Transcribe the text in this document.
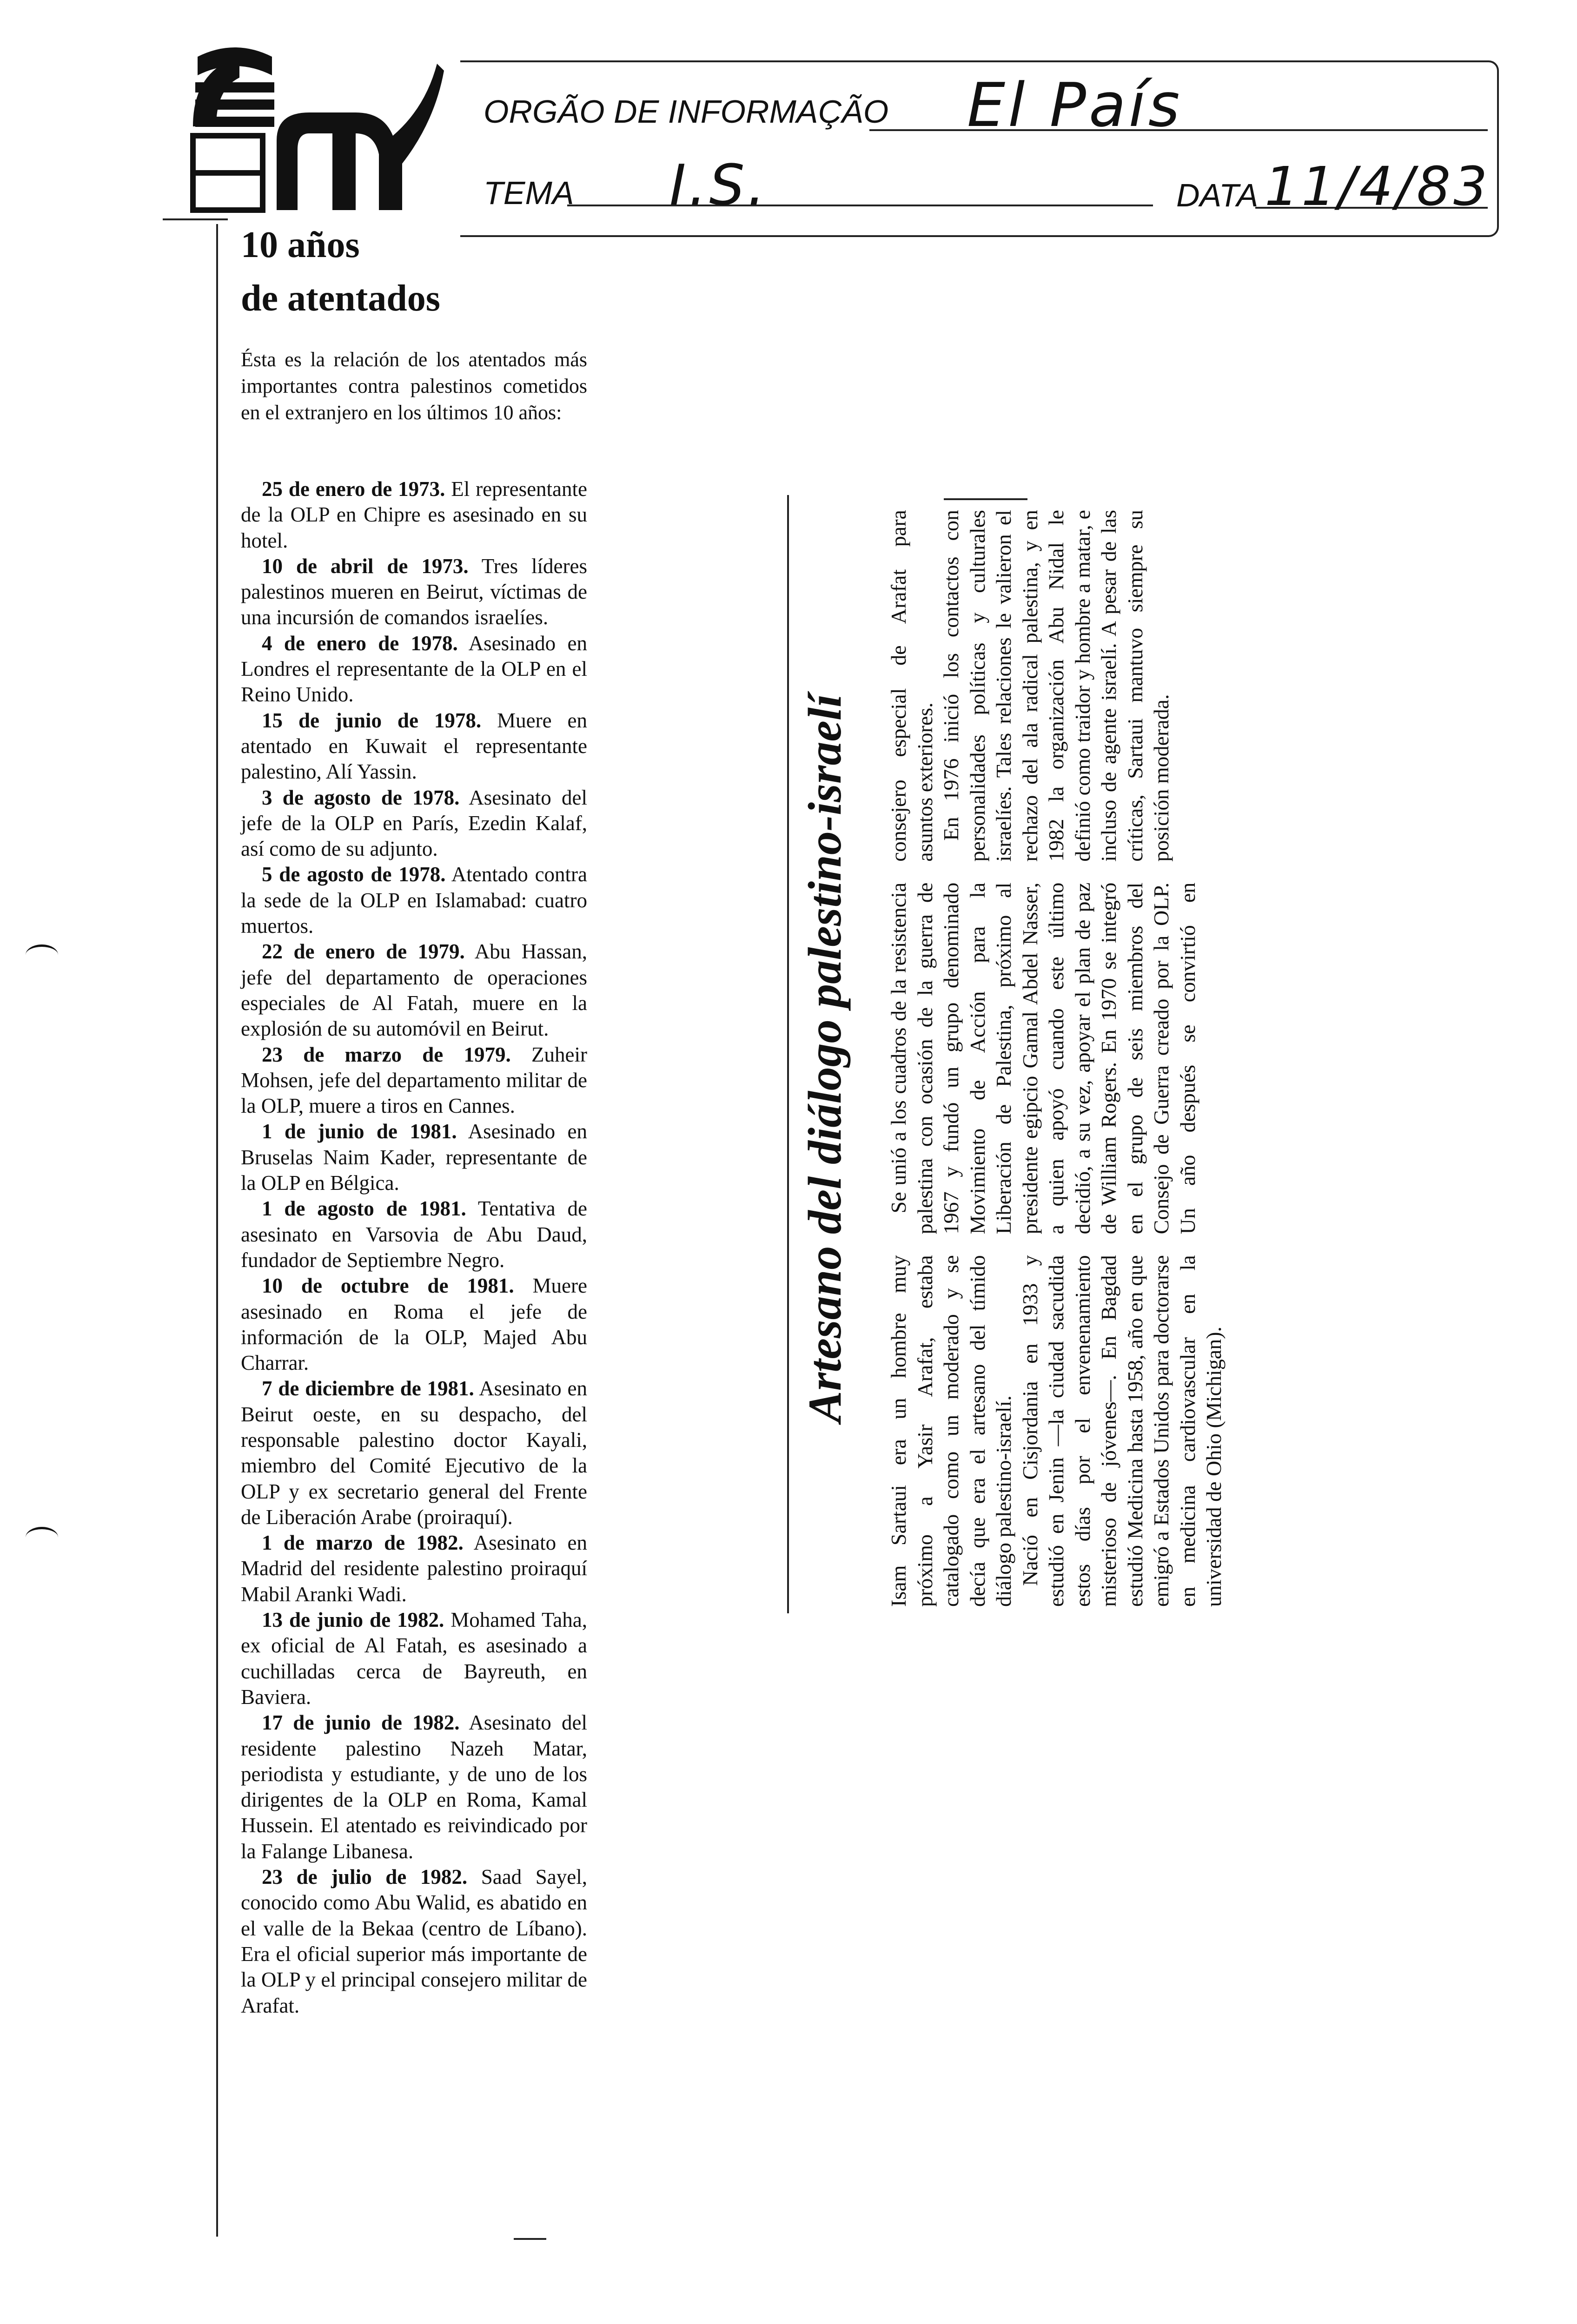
ORGÃO DE INFORMAÇÃO El País
TEMA I.S.	DATA 11/4/83
10 años
de atentados

Ésta es la relación de los atentados más importantes contra palestinos cometidos en el extranjero en los últimos 10 años:

25 de enero de 1973. El representante de la OLP en Chipre es asesinado en su hotel.

10 de abril de 1973. Tres líderes palestinos mueren en Beirut, víctimas de una incursión de comandos israelíes.

4 de enero de 1978. Asesinado en Londres el representante de la OLP en el Reino Unido.

15 de junio de 1978. Muere en atentado en Kuwait el representante palestino, Alí Yassin.

3 de agosto de 1978. Asesinato del jefe de la OLP en París, Ezedin Kalaf, así como de su adjunto.

5 de agosto de 1978. Atentado contra la sede de la OLP en Islamabad: cuatro muertos.

22 de enero de 1979. Abu Hassan, jefe del departamento de operaciones especiales de Al Fatah, muere en la explosión de su automóvil en Beirut.

23 de marzo de 1979. Zuheir Mohsen, jefe del departamento militar de la OLP, muere a tiros en Cannes.

1 de junio de 1981. Asesinado en Bruselas Naim Kader, representante de la OLP en Bélgica.

1 de agosto de 1981. Tentativa de asesinato en Varsovia de Abu Daud, fundador de Septiembre Negro.

10 de octubre de 1981. Muere asesinado en Roma el jefe de información de la OLP, Majed Abu Charrar.

7 de diciembre de 1981. Asesinato en Beirut oeste, en su despacho, del responsable palestino doctor Kayali, miembro del Comité Ejecutivo de la OLP y ex secretario general del Frente de Liberación Arabe (proiraquí).

1 de marzo de 1982. Asesinato en Madrid del residente palestino proiraquí Mabil Aranki Wadi.

13 de junio de 1982. Mohamed Taha, ex oficial de Al Fatah, es asesinado a cuchilladas cerca de Bayreuth, en Baviera.

17 de junio de 1982. Asesinato del residente palestino Nazeh Matar, periodista y estudiante, y de uno de los dirigentes de la OLP en Roma, Kamal Hussein. El atentado es reivindicado por la Falange Libanesa.

23 de julio de 1982. Saad Sayel, conocido como Abu Walid, es abatido en el valle de la Bekaa (centro de Líbano). Era el oficial superior más importante de la OLP y el principal consejero militar de Arafat.

Artesano del diálogo palestino-israelí

Isam Sartaui era un hombre muy próximo a Yasir Arafat, estaba catalogado como un moderado y se decía que era el artesano del tímido diálogo palestino-israelí. Nació en Cisjordania en 1933 y estudió en Jenin —la ciudad sacudida estos días por el envenenamiento misterioso de jóvenes—. En Bagdad estudió Medicina hasta 1958, año en que emigró a Estados Unidos para doctorarse en medicina cardiovascular en la universidad de Ohio (Michigan).

Se unió a los cuadros de la resistencia palestina con ocasión de la guerra de 1967 y fundó un grupo denominado Movimiento de Acción para la Liberación de Palestina, próximo al presidente egipcio Gamal Abdel Nasser, a quien apoyó cuando este último decidió, a su vez, apoyar el plan de paz de William Rogers. En 1970 se integró en el grupo de seis miembros del Consejo de Guerra creado por la OLP. Un año después se convirtió en consejero especial de Arafat para asuntos exteriores. En 1976 inició los contactos con personalidades políticas y culturales israelíes. Tales relaciones le valieron el rechazo del ala radical palestina, y en 1982 la organización Abu Nidal le definió como traidor y hombre a matar, e incluso de agente israelí. A pesar de las críticas, Sartaui mantuvo siempre su posición moderada.
